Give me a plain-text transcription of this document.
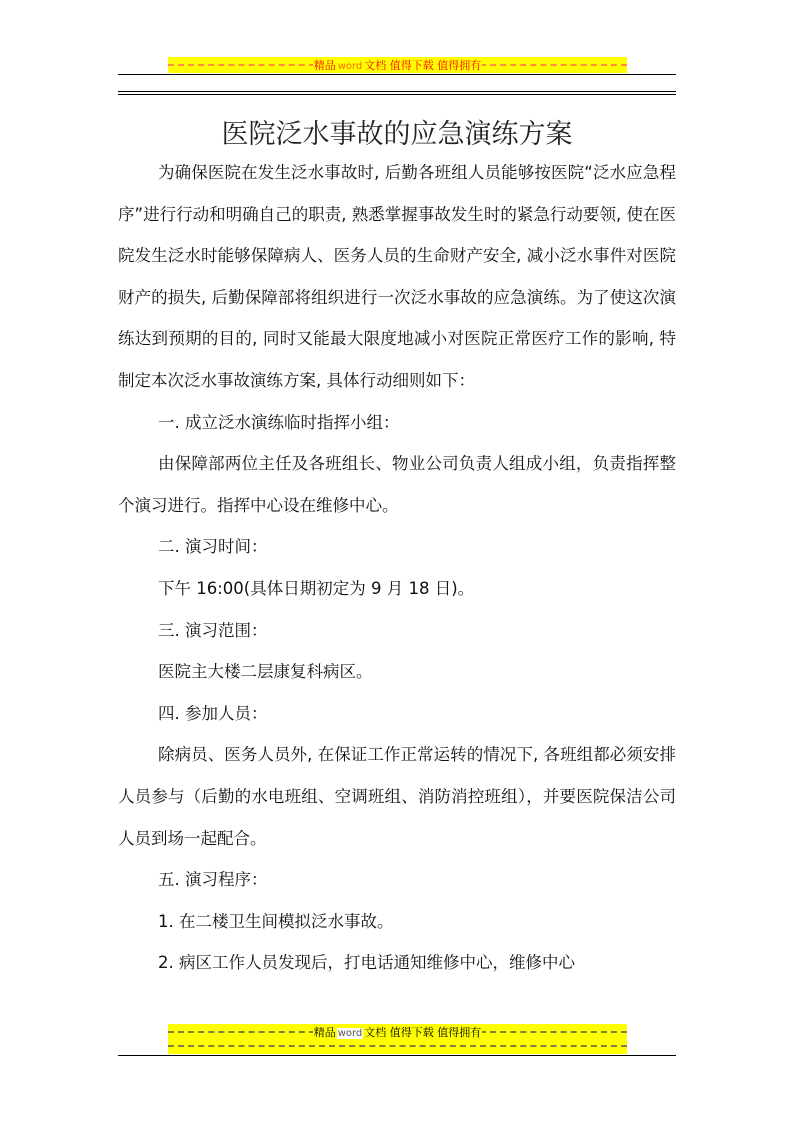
精品 word 文档 值得下载 值得拥有
医院泛水事故的应急演练方案

为确保医院在发生泛水事故时, 后勤各班组人员能够按医院“泛水应急程序”进行行动和明确自己的职责, 熟悉掌握事故发生时的紧急行动要领, 使在医院发生泛水时能够保障病人、医务人员的生命财产安全, 减小泛水事件对医院财产的损失, 后勤保障部将组织进行一次泛水事故的应急演练。为了使这次演练达到预期的目的, 同时又能最大限度地减小对医院正常医疗工作的影响, 特制定本次泛水事故演练方案, 具体行动细则如下：

一. 成立泛水演练临时指挥小组：

由保障部两位主任及各班组长、物业公司负责人组成小组，负责指挥整个演习进行。指挥中心设在维修中心。

二. 演习时间：

下午 16:00(具体日期初定为 9 月 18 日)。

三. 演习范围：

医院主大楼二层康复科病区。

四. 参加人员：

除病员、医务人员外, 在保证工作正常运转的情况下, 各班组都必须安排人员参与（后勤的水电班组、空调班组、消防消控班组），并要医院保洁公司人员到场一起配合。

五. 演习程序：

1. 在二楼卫生间模拟泛水事故。

2. 病区工作人员发现后，打电话通知维修中心，维修中心

精品 word 文档 值得下载 值得拥有
